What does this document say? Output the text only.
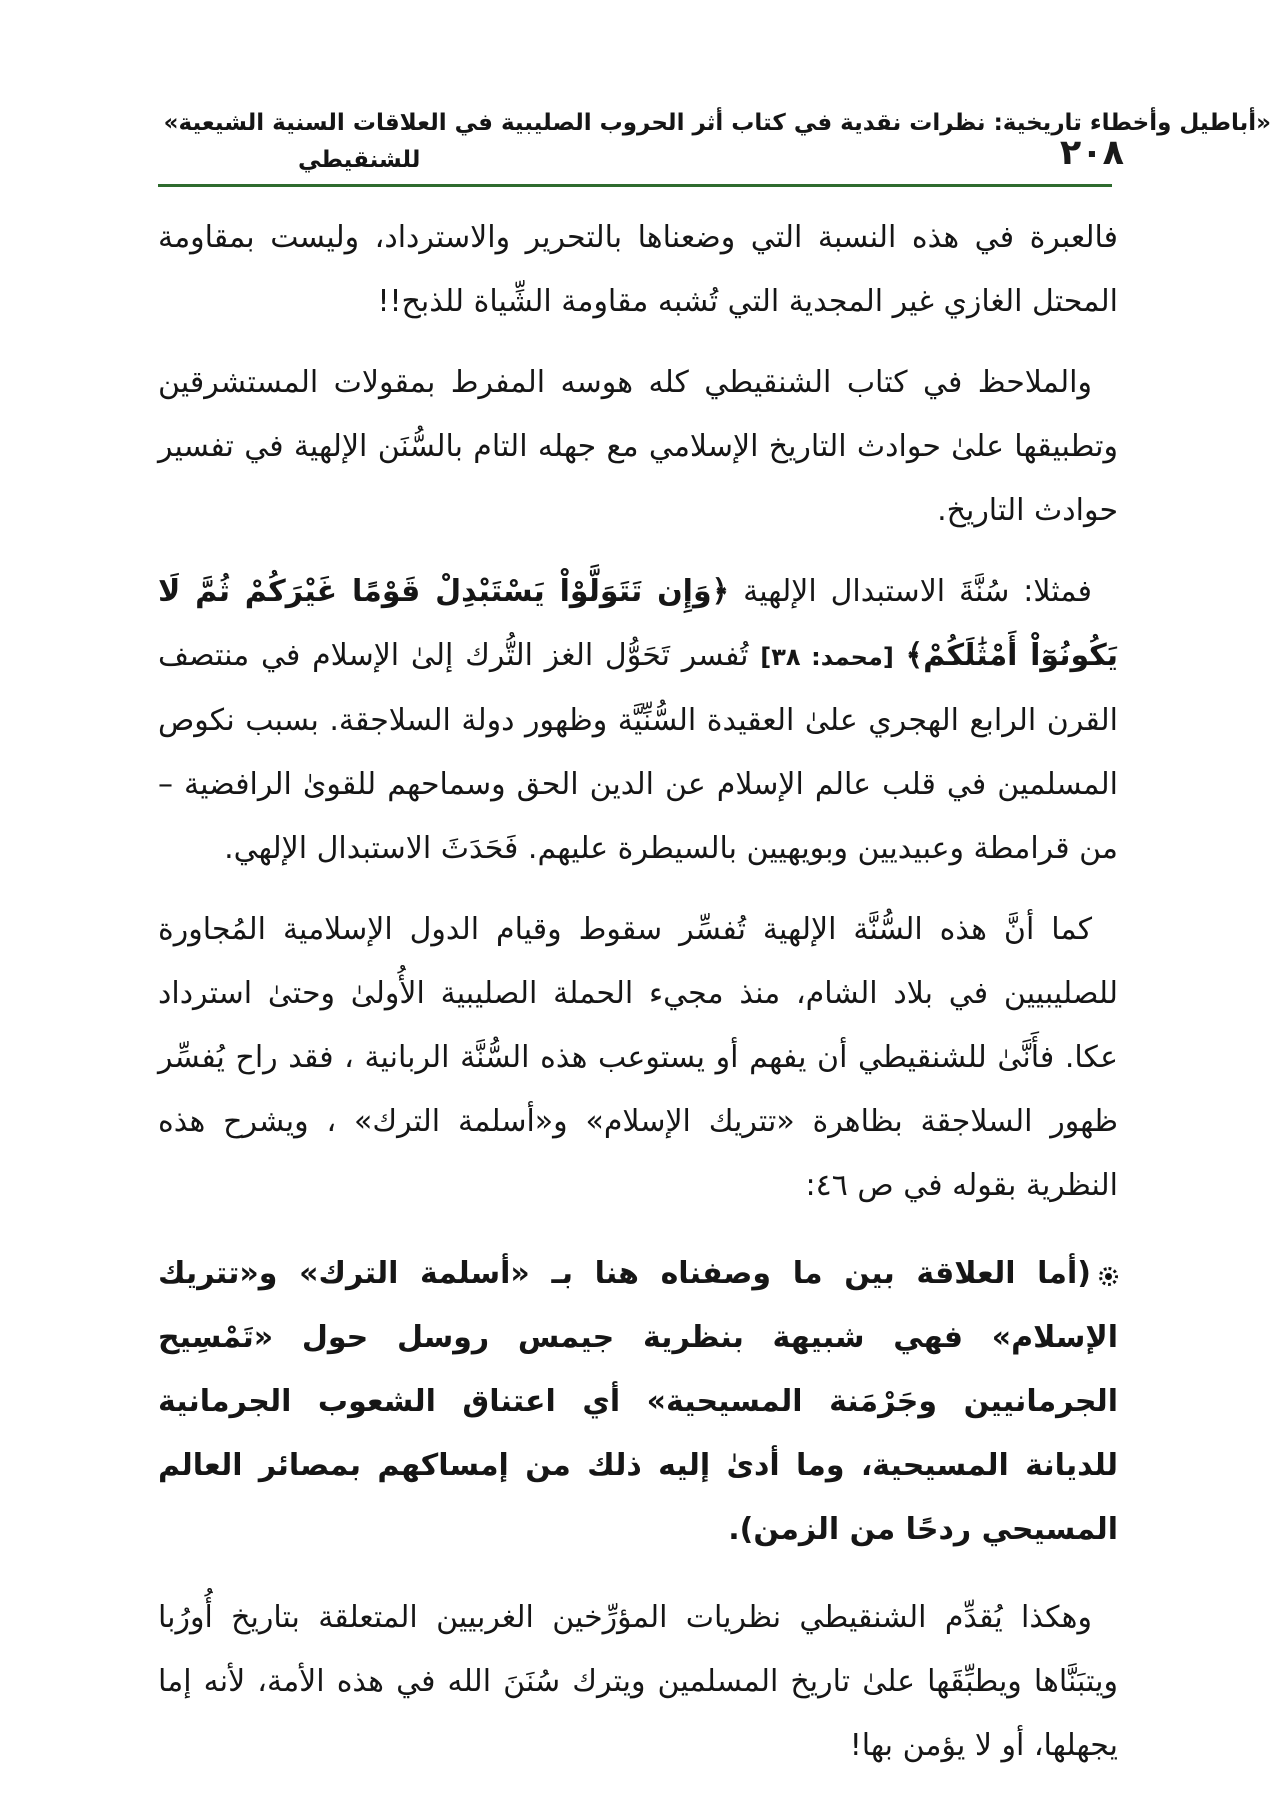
«أباطيل وأخطاء تاريخية: نظرات نقدية في كتاب أثر الحروب الصليبية في العلاقات السنية الشيعية»
للشنقيطي	٢٠٨

فالعبرة في هذه النسبة التي وضعناها بالتحرير والاسترداد، وليست بمقاومة المحتل الغازي غير المجدية التي تُشبه مقاومة الشِّياة للذبح!!

والملاحظ في كتاب الشنقيطي كله هوسه المفرط بمقولات المستشرقين وتطبيقها علىٰ حوادث التاريخ الإسلامي مع جهله التام بالسُّنَن الإلهية في تفسير حوادث التاريخ.

فمثلا: سُنَّةَ الاستبدال الإلهية ﴿وَإِن تَتَوَلَّوْاْ يَسْتَبْدِلْ قَوْمًا غَيْرَكُمْ ثُمَّ لَا يَكُونُوٓاْ أَمْثَٰلَكُمْ﴾ [محمد: ٣٨] تُفسر تَحَوُّل الغز التُّرك إلىٰ الإسلام في منتصف القرن الرابع الهجري علىٰ العقيدة السُّنِّيَّة وظهور دولة السلاجقة. بسبب نكوص المسلمين في قلب عالم الإسلام عن الدين الحق وسماحهم للقوىٰ الرافضية – من قرامطة وعبيديين وبويهيين بالسيطرة عليهم. فَحَدَثَ الاستبدال الإلهي.

كما أنَّ هذه السُّنَّة الإلهية تُفسِّر سقوط وقيام الدول الإسلامية المُجاورة للصليبيين في بلاد الشام، منذ مجيء الحملة الصليبية الأُولىٰ وحتىٰ استرداد عكا. فأَنَّىٰ للشنقيطي أن يفهم أو يستوعب هذه السُّنَّة الربانية ، فقد راح يُفسِّر ظهور السلاجقة بظاهرة «تتريك الإسلام» و«أسلمة الترك» ، ويشرح هذه النظرية بقوله في ص ٤٦:

(أما العلاقة بين ما وصفناه هنا بـ «أسلمة الترك» و«تتريك الإسلام» فهي شبيهة بنظرية جيمس روسل حول «تَمْسِيح الجرمانيين وجَرْمَنة المسيحية» أي اعتناق الشعوب الجرمانية للديانة المسيحية، وما أدىٰ إليه ذلك من إمساكهم بمصائر العالم المسيحي ردحًا من الزمن).

وهكذا يُقدِّم الشنقيطي نظريات المؤرِّخين الغربيين المتعلقة بتاريخ أُورُبا ويتبَنَّاها ويطبِّقَها علىٰ تاريخ المسلمين ويترك سُنَنَ الله في هذه الأمة، لأنه إما يجهلها، أو لا يؤمن بها!
